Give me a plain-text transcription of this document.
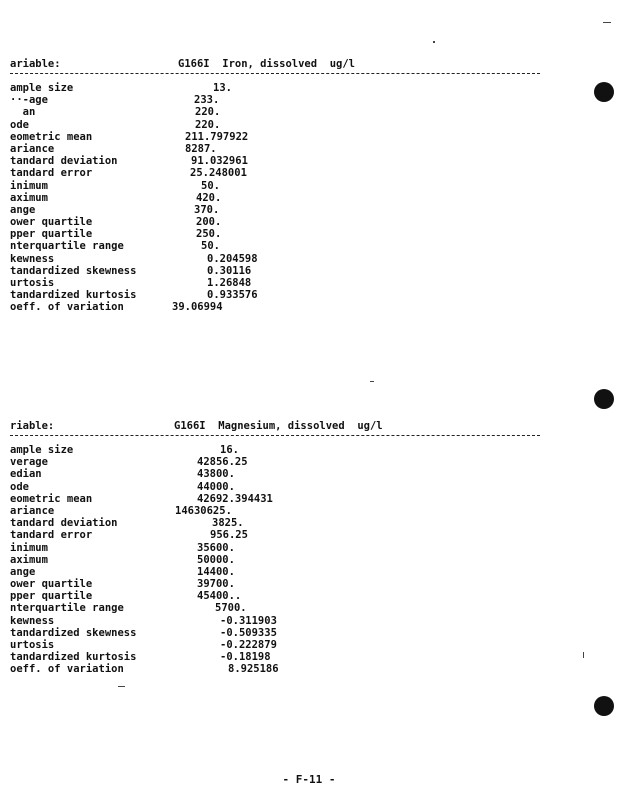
ariable:

	G166I  Iron, dissolved  ug/l

ample size	13.
··-age	233.
an	220.
ode	220.
eometric mean	211.797922
ariance	8287.
tandard deviation	91.032961
tandard error	25.248001
inimum	50.
aximum	420.
ange	370.
ower quartile	200.
pper quartile	250.
nterquartile range	50.
kewness	0.204598
tandardized skewness	0.30116
urtosis	1.26848
tandardized kurtosis	0.933576
oeff. of variation	39.06994

riable:

	G166I  Magnesium, dissolved  ug/l

ample size	16.
verage	42856.25
edian	43800.
ode	44000.
eometric mean	42692.394431
ariance	14630625.
tandard deviation	3825.
tandard error	956.25
inimum	35600.
aximum	50000.
ange	14400.
ower quartile	39700.
pper quartile	45400..
nterquartile range	5700.
kewness	-0.311903
tandardized skewness	-0.509335
urtosis	-0.222879
tandardized kurtosis	-0.18198
oeff. of variation	8.925186
- F-11 -
